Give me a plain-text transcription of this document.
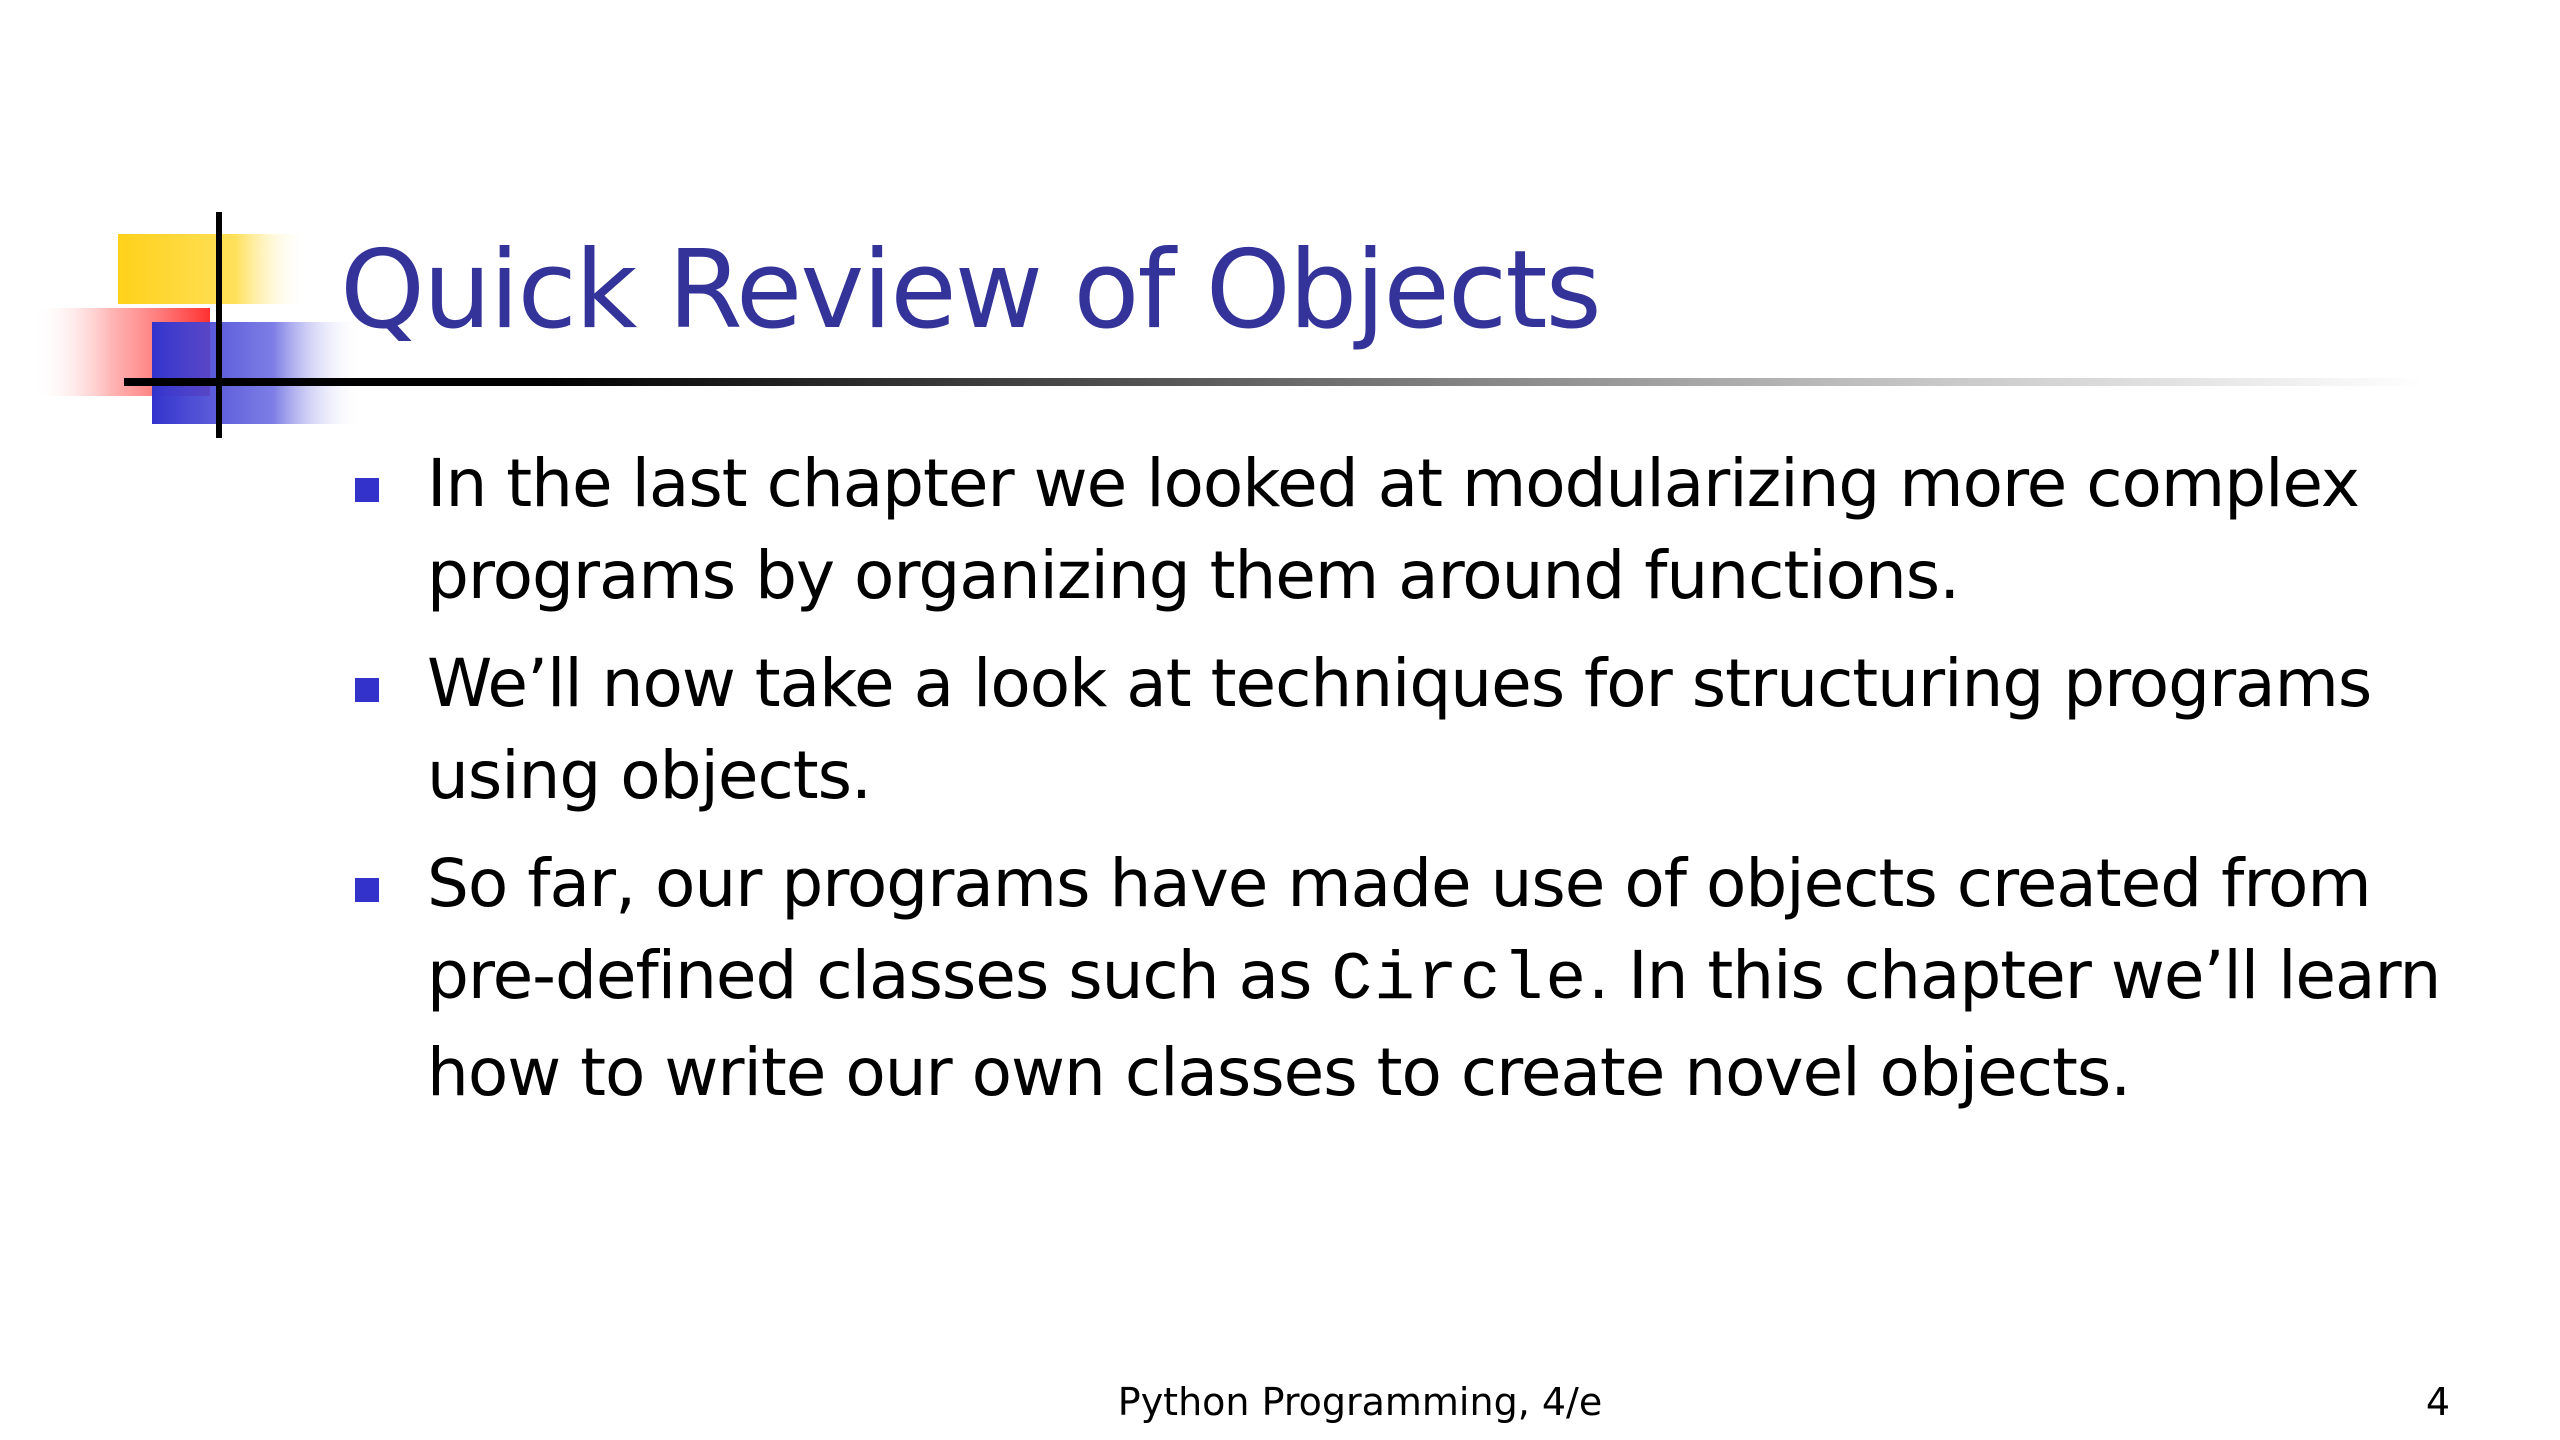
Quick Review of Objects
In the last chapter we looked at modularizing more complex programs by organizing them around functions.
We’ll now take a look at techniques for structuring programs using objects.
So far, our programs have made use of objects created from pre-defined classes such as Circle. In this chapter we’ll learn how to write our own classes to create novel objects.
Python Programming, 4/e	4
